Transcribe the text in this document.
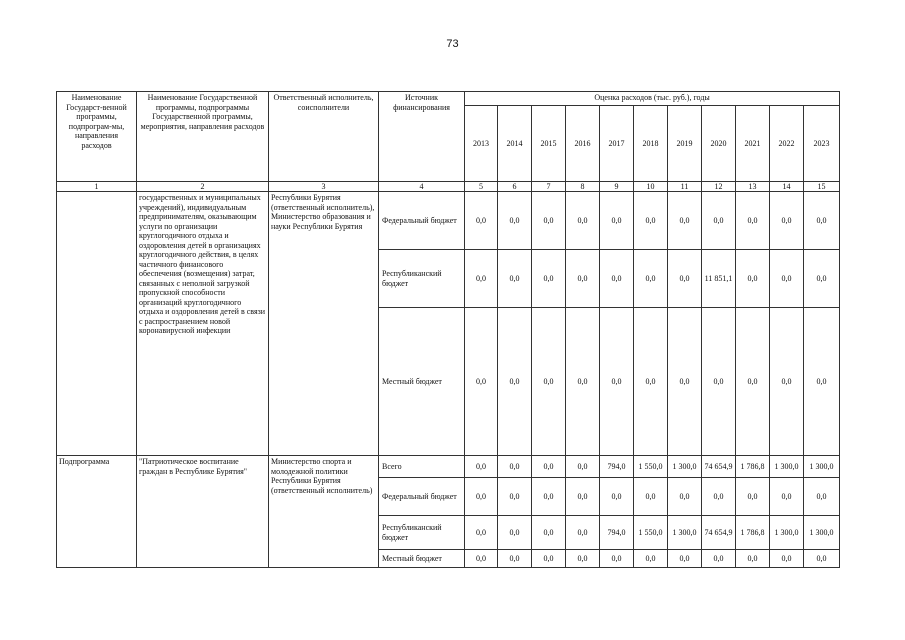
73
Наименование Государст-венной программы, подпрограм-мы, направления расходов	Наименование Государственной программы, подпрограммы Государственной программы, мероприятия, направления расходов	Ответственный исполнитель, соисполнители	Источник финансирования	Оценка расходов (тыс. руб.), годы										
				2013	2014	2015	2016	2017	2018	2019	2020	2021	2022	2023
1	2	3	4	5	6	7	8	9	10	11	12	13	14	15
	государственных и муниципальных учреждений), индивидуальным предпринимателям, оказывающим услуги по организации круглогодичного отдыха и оздоровления детей в организациях круглогодичного действия, в целях частичного финансового обеспечения (возмещения) затрат, связанных с неполной загрузкой пропускной способности организаций круглогодичного отдыха и оздоровления детей в связи с распространением новой коронавирусной инфекции	Республики Бурятия (ответственный исполнитель), Министерство образования и науки Республики Бурятия	Федеральный бюджет	0,0	0,0	0,0	0,0	0,0	0,0	0,0	0,0	0,0	0,0	0,0
			Республиканский бюджет	0,0	0,0	0,0	0,0	0,0	0,0	0,0	11 851,1	0,0	0,0	0,0
			Местный бюджет	0,0	0,0	0,0	0,0	0,0	0,0	0,0	0,0	0,0	0,0	0,0
Подпрограмма	"Патриотическое воспитание граждан в Республике Бурятия"	Министерство спорта и молодежной политики Республики Бурятия (ответственный исполнитель)	Всего	0,0	0,0	0,0	0,0	794,0	1 550,0	1 300,0	74 654,9	1 786,8	1 300,0	1 300,0
			Федеральный бюджет	0,0	0,0	0,0	0,0	0,0	0,0	0,0	0,0	0,0	0,0	0,0
			Республиканский бюджет	0,0	0,0	0,0	0,0	794,0	1 550,0	1 300,0	74 654,9	1 786,8	1 300,0	1 300,0
			Местный бюджет	0,0	0,0	0,0	0,0	0,0	0,0	0,0	0,0	0,0	0,0	0,0
